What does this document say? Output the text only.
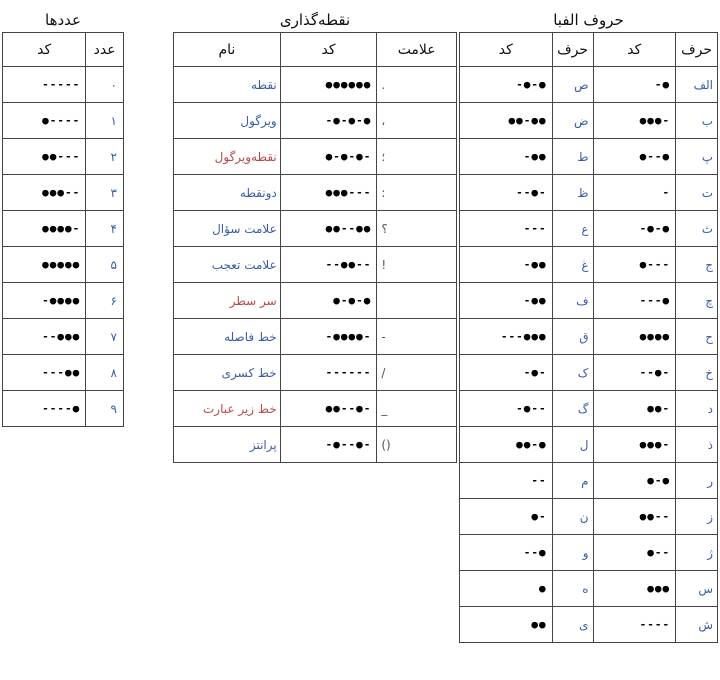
حروف الفبا
کد	حرف	کد	حرف
-●-●	ص	-●	الف
●●-●●	ض	●●●-	ب
-●●	ط	●--●	پ
--●-	ظ	-	ت
---	ع	-●-●	ث
-●●	غ	●---	ج
-●●	ف	---●	چ
---●●●	ق	●●●●	ح
-●-	ک	--●-	خ
-●--	گ	●●-	د
●●-●	ل	●●●-	ذ
--	م	●-●	ر
●-	ن	●●--	ز
--●	و	●--	ژ
●	ه	●●●	س
●●	ی	----	ش
نقطه‌گذاری
نام	کد	علامت
نقطه	●●●●●●	.
ویرگول	-●-●-●	،
نقطه‌ویرگول	●-●-●-	؛
دونقطه	●●●---	:
علامت سؤال	●●--●●	؟
علامت تعجب	--●●--	!
سر سطر	●-●-●	
خط فاصله	-●●●●-	-
خط کسری	------	/
خط زیر عبارت	●●--●-	_
پرانتز	-●--●-	()
عددها
کد	عدد
-----	۰
●----	۱
●●---	۲
●●●--	۳
●●●●-	۴
●●●●●	۵
-●●●●	۶
--●●●	۷
---●●	۸
----●	۹
